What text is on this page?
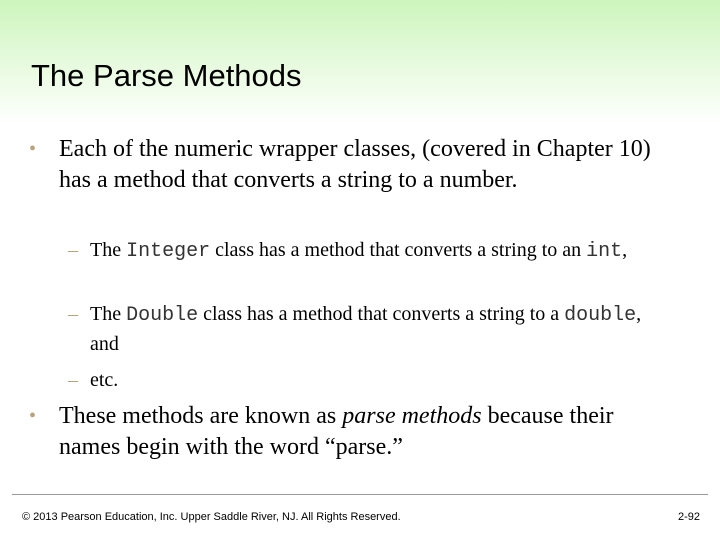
The Parse Methods
• Each of the numeric wrapper classes, (covered in Chapter 10) has a method that converts a string to a number.
– The Integer class has a method that converts a string to an int,
– The Double class has a method that converts a string to a double, and
– etc.
• These methods are known as parse methods because their names begin with the word “parse.”
© 2013 Pearson Education, Inc. Upper Saddle River, NJ. All Rights Reserved.	2-92
